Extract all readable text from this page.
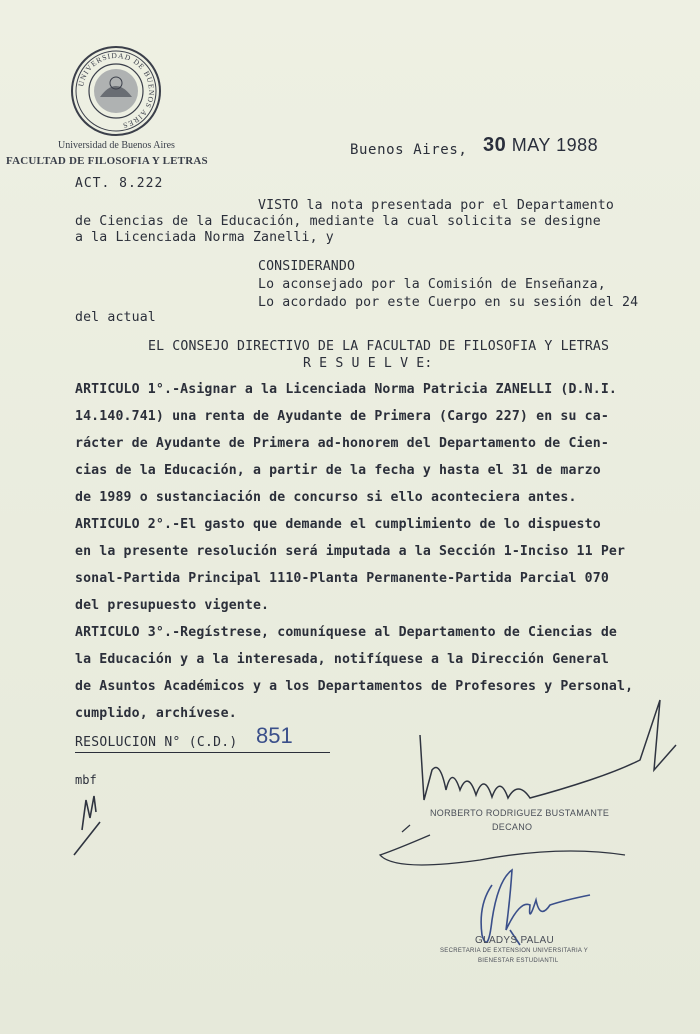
UNIVERSIDAD DE BUENOS AIRES
Universidad de Buenos Aires
FACULTAD DE FILOSOFIA Y LETRAS
ACT. 8.222
Buenos Aires, 30 MAY 1988
VISTO la nota presentada por el Departamento
de Ciencias de la Educación, mediante la cual solicita se designe
a la Licenciada Norma Zanelli, y
CONSIDERANDO
Lo aconsejado por la Comisión de Enseñanza,
Lo acordado por este Cuerpo en su sesión del 24
del actual
EL CONSEJO DIRECTIVO DE LA FACULTAD DE FILOSOFIA Y LETRAS
R E S U E L V E:
ARTICULO 1°.-Asignar a la Licenciada Norma Patricia ZANELLI (D.N.I.
14.140.741) una renta de Ayudante de Primera (Cargo 227) en su ca-
rácter de Ayudante de Primera ad-honorem del Departamento de Cien-
cias de la Educación, a partir de la fecha y hasta el 31 de marzo
de 1989 o sustanciación de concurso si ello aconteciera antes.
ARTICULO 2°.-El gasto que demande el cumplimiento de lo dispuesto
en la presente resolución será imputada a la Sección 1-Inciso 11 Per
sonal-Partida Principal 1110-Planta Permanente-Partida Parcial 070
del presupuesto vigente.
ARTICULO 3°.-Regístrese, comuníquese al Departamento de Ciencias de
la Educación y a la interesada, notifíquese a la Dirección General
de Asuntos Académicos y a los Departamentos de Profesores y Personal,
cumplido, archívese.
RESOLUCION N° (C.D.) 851
mbf
NORBERTO RODRIGUEZ BUSTAMANTE
DECANO
GLADYS PALAU
SECRETARIA DE EXTENSION UNIVERSITARIA Y
BIENESTAR ESTUDIANTIL
